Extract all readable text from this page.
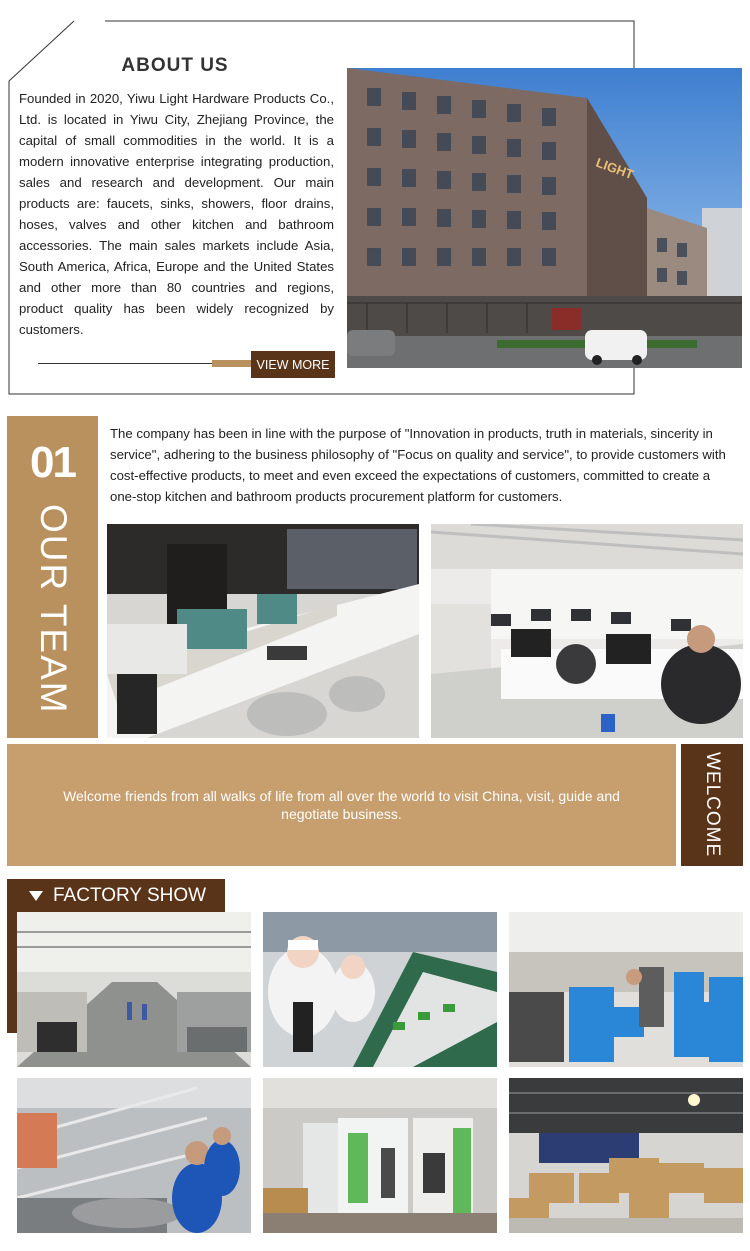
ABOUT US
Founded in 2020, Yiwu Light Hardware Products Co., Ltd. is located in Yiwu City, Zhejiang Province, the capital of small commodities in the world. It is a modern innovative enterprise integrating production, sales and research and development. Our main products are: faucets, sinks, showers, floor drains, hoses, valves and other kitchen and bathroom accessories. The main sales markets include Asia, South America, Africa, Europe and the United States and other more than 80 countries and regions, product quality has been widely recognized by customers.
VIEW MORE
LIGHT
01
OUR TEAM
The company has been in line with the purpose of "Innovation in products, truth in materials, sincerity in service", adhering to the business philosophy of "Focus on quality and service", to provide customers with cost-effective products, to meet and even exceed the expectations of customers, committed to create a one-stop kitchen and bathroom products procurement platform for customers.
Welcome friends from all walks of life from all over the world to visit China, visit, guide and negotiate business.	WELCOME
FACTORY SHOW
